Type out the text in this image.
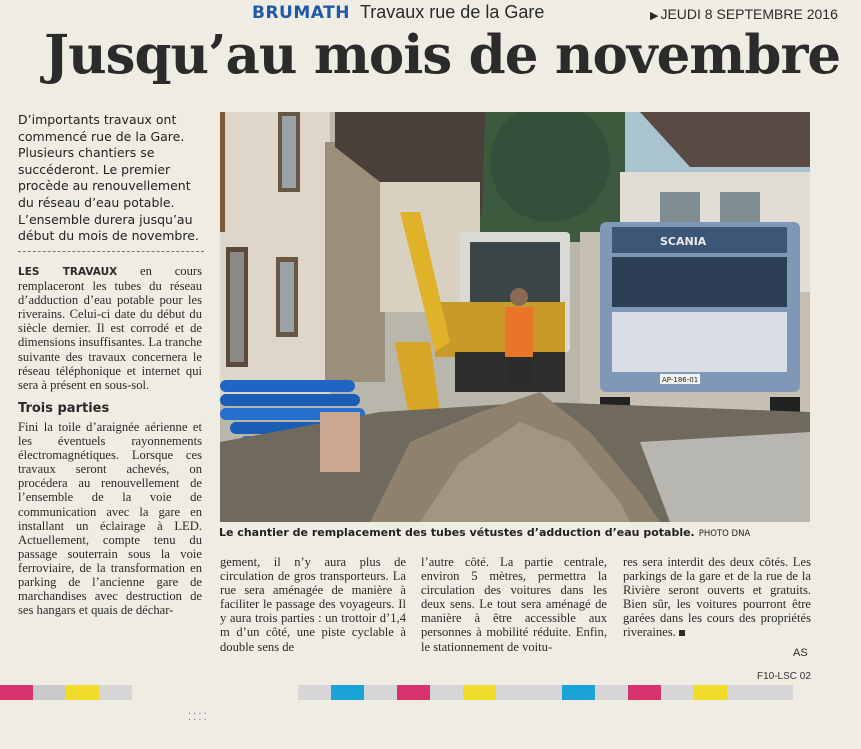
BRUMATH Travaux rue de la Gare	▶ JEUDI 8 SEPTEMBRE 2016
Jusqu’au mois de novembre
D’importants travaux ont commencé rue de la Gare. Plusieurs chantiers se succéderont. Le premier procède au renouvellement du réseau d’eau potable. L’ensemble durera jusqu’au début du mois de novembre.

LES TRAVAUX en cours remplaceront les tubes du réseau d’adduction d’eau potable pour les riverains. Celui-ci date du début du siècle dernier. Il est corrodé et de dimensions insuffisantes. La tranche suivante des travaux concernera le réseau téléphonique et internet qui sera à présent en sous-sol.

Trois parties

Fini la toile d’araignée aérienne et les éventuels rayonnements électromagnétiques. Lorsque ces travaux seront achevés, on procédera au renouvellement de l’ensemble de la voie de communication avec la gare en installant un éclairage à LED. Actuellement, compte tenu du passage souterrain sous la voie ferroviaire, de la transformation en parking de l’ancienne gare de marchandises avec destruction de ses hangars et quais de déchar-

SCANIA
AP-186-01
Le chantier de remplacement des tubes vétustes d’adduction d’eau potable. PHOTO DNA
gement, il n’y aura plus de circulation de gros transporteurs. La rue sera aménagée de manière à faciliter le passage des voyageurs. Il y aura trois parties : un trottoir d’1,4 m d’un côté, une piste cyclable à double sens de
l’autre côté. La partie centrale, environ 5 mètres, permettra la circulation des voitures dans les deux sens. Le tout sera aménagé de manière à être accessible aux personnes à mobilité réduite. Enfin, le stationnement de voitu-
res sera interdit des deux côtés. Les parkings de la gare et de la rue de la Rivière seront ouverts et gratuits. Bien sûr, les voitures pourront être garées dans les cours des propriétés riveraines.
AS
F10-LSC 02
⁚⁚⁚⁚
